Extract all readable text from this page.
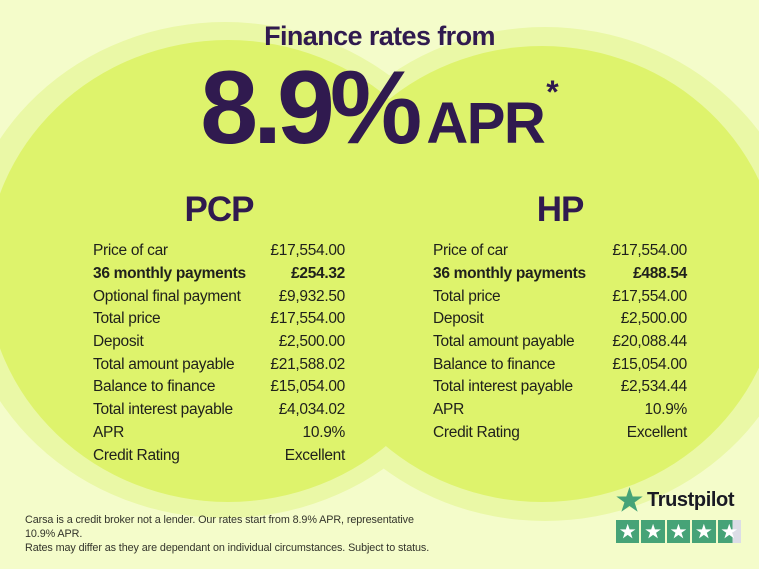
Finance rates from
8.9% APR *
PCP
Price of car	£17,554.00
36 monthly payments	£254.32
Optional final payment £9,932.50
Total price	£17,554.00
Deposit	£2,500.00
Total amount payable £21,588.02
Balance to finance	£15,054.00
Total interest payable	£4,034.02
APR	10.9%
Credit Rating	Excellent
HP
Price of car	£17,554.00
36 monthly payments	£488.54
Total price	£17,554.00
Deposit	£2,500.00
Total amount payable £20,088.44
Balance to finance	£15,054.00
Total interest payable	£2,534.44
APR	10.9%
Credit Rating	Excellent

Carsa is a credit broker not a lender. Our rates start from 8.9% APR, representative 10.9% APR.
Rates may differ as they are dependant on individual circumstances. Subject to status.

Trustpilot
